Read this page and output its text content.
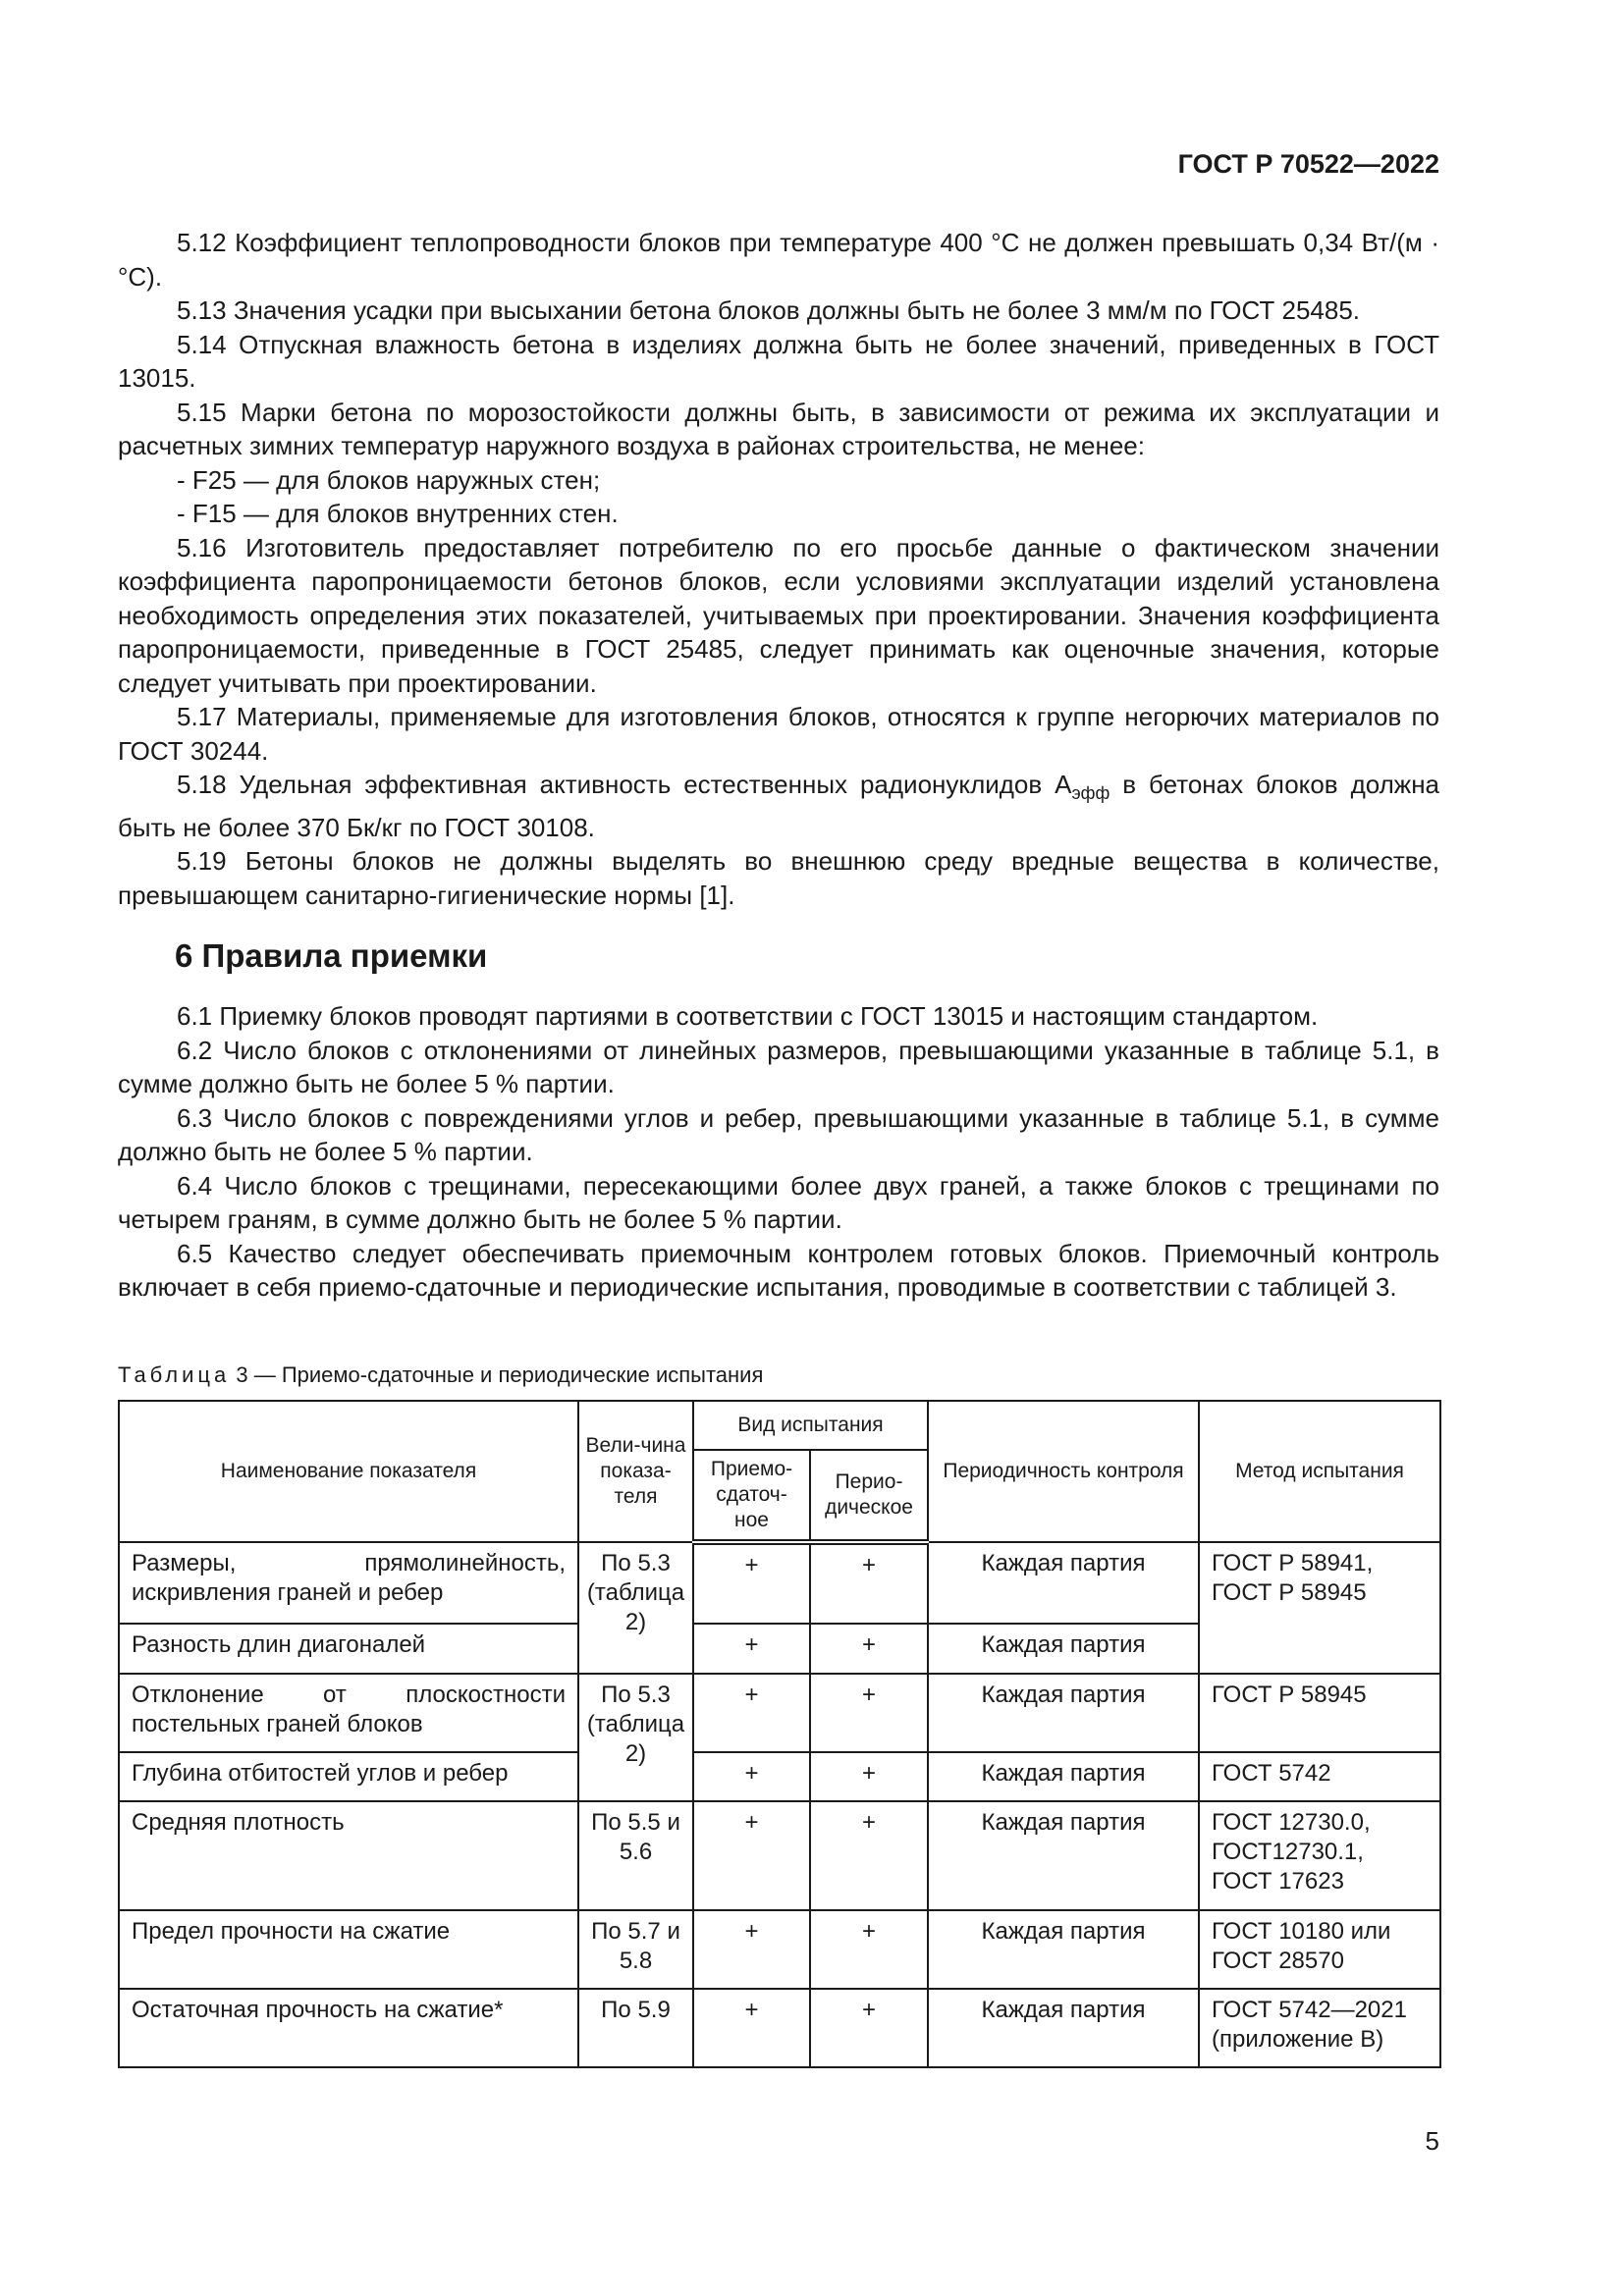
ГОСТ Р 70522—2022

5.12 Коэффициент теплопроводности блоков при температуре 400 °С не должен превышать 0,34 Вт/(м · °С).

5.13 Значения усадки при высыхании бетона блоков должны быть не более 3 мм/м по ГОСТ 25485.

5.14 Отпускная влажность бетона в изделиях должна быть не более значений, приведенных в ГОСТ 13015.

5.15 Марки бетона по морозостойкости должны быть, в зависимости от режима их эксплуатации и расчетных зимних температур наружного воздуха в районах строительства, не менее:

- F25 — для блоков наружных стен;

- F15 — для блоков внутренних стен.

5.16 Изготовитель предоставляет потребителю по его просьбе данные о фактическом значении коэффициента паропроницаемости бетонов блоков, если условиями эксплуатации изделий установлена необходимость определения этих показателей, учитываемых при проектировании. Значения коэффициента паропроницаемости, приведенные в ГОСТ 25485, следует принимать как оценочные значения, которые следует учитывать при проектировании.

5.17 Материалы, применяемые для изготовления блоков, относятся к группе негорючих материалов по ГОСТ 30244.

5.18 Удельная эффективная активность естественных радионуклидов $А_{эфф}$ в бетонах блоков должна быть не более 370 Бк/кг по ГОСТ 30108.

5.19 Бетоны блоков не должны выделять во внешнюю среду вредные вещества в количестве, превышающем санитарно-гигиенические нормы [1].

6 Правила приемки

6.1 Приемку блоков проводят партиями в соответствии с ГОСТ 13015 и настоящим стандартом.

6.2 Число блоков с отклонениями от линейных размеров, превышающими указанные в таблице 5.1, в сумме должно быть не более 5 % партии.

6.3 Число блоков с повреждениями углов и ребер, превышающими указанные в таблице 5.1, в сумме должно быть не более 5 % партии.

6.4 Число блоков с трещинами, пересекающими более двух граней, а также блоков с трещинами по четырем граням, в сумме должно быть не более 5 % партии.

6.5 Качество следует обеспечивать приемочным контролем готовых блоков. Приемочный контроль включает в себя приемо-сдаточные и периодические испытания, проводимые в соответствии с таблицей 3.

Таблица 3 — Приемо-сдаточные и периодические испытания
Наименование показателя	Вели-чина показа-теля	Вид испытания		Периодичность контроля	Метод испытания
		Приемо-сдаточ-ное	Перио-дическое		
Размеры, прямолинейность, искривления граней и ребер	По 5.3 (таблица 2)	+	+	Каждая партия	ГОСТ Р 58941, ГОСТ Р 58945
Разность длин диагоналей		+	+	Каждая партия	
Отклонение от плоскостности постельных граней блоков	По 5.3 (таблица 2)	+	+	Каждая партия	ГОСТ Р 58945
Глубина отбитостей углов и ребер		+	+	Каждая партия	ГОСТ 5742
Средняя плотность	По 5.5 и 5.6	+	+	Каждая партия	ГОСТ 12730.0, ГОСТ12730.1, ГОСТ 17623
Предел прочности на сжатие	По 5.7 и 5.8	+	+	Каждая партия	ГОСТ 10180 или ГОСТ 28570
Остаточная прочность на сжатие*	По 5.9	+	+	Каждая партия	ГОСТ 5742—2021 (приложение В)
5
